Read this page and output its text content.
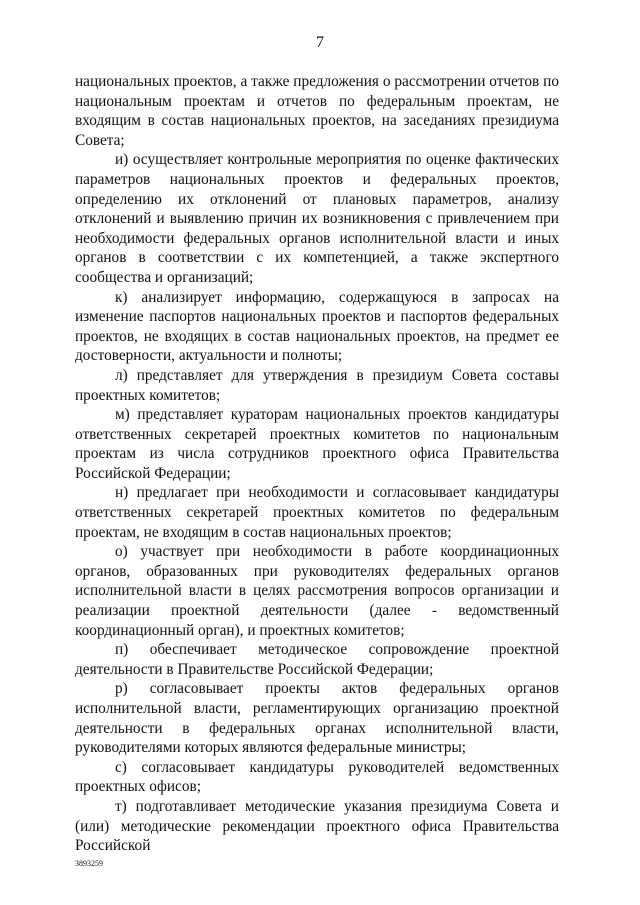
7

национальных проектов, а также предложения о рассмотрении отчетов по национальным проектам и отчетов по федеральным проектам, не входящим в состав национальных проектов, на заседаниях президиума Совета;

и) осуществляет контрольные мероприятия по оценке фактических параметров национальных проектов и федеральных проектов, определению их отклонений от плановых параметров, анализу отклонений и выявлению причин их возникновения с привлечением при необходимости федеральных органов исполнительной власти и иных органов в соответствии с их компетенцией, а также экспертного сообщества и организаций;

к) анализирует информацию, содержащуюся в запросах на изменение паспортов национальных проектов и паспортов федеральных проектов, не входящих в состав национальных проектов, на предмет ее достоверности, актуальности и полноты;

л) представляет для утверждения в президиум Совета составы проектных комитетов;

м) представляет кураторам национальных проектов кандидатуры ответственных секретарей проектных комитетов по национальным проектам из числа сотрудников проектного офиса Правительства Российской Федерации;

н) предлагает при необходимости и согласовывает кандидатуры ответственных секретарей проектных комитетов по федеральным проектам, не входящим в состав национальных проектов;

о) участвует при необходимости в работе координационных органов, образованных при руководителях федеральных органов исполнительной власти в целях рассмотрения вопросов организации и реализации проектной деятельности (далее - ведомственный координационный орган), и проектных комитетов;

п) обеспечивает методическое сопровождение проектной деятельности в Правительстве Российской Федерации;

р) согласовывает проекты актов федеральных органов исполнительной власти, регламентирующих организацию проектной деятельности в федеральных органах исполнительной власти, руководителями которых являются федеральные министры;

с) согласовывает кандидатуры руководителей ведомственных проектных офисов;

т) подготавливает методические указания президиума Совета и (или) методические рекомендации проектного офиса Правительства Российской

3893259
